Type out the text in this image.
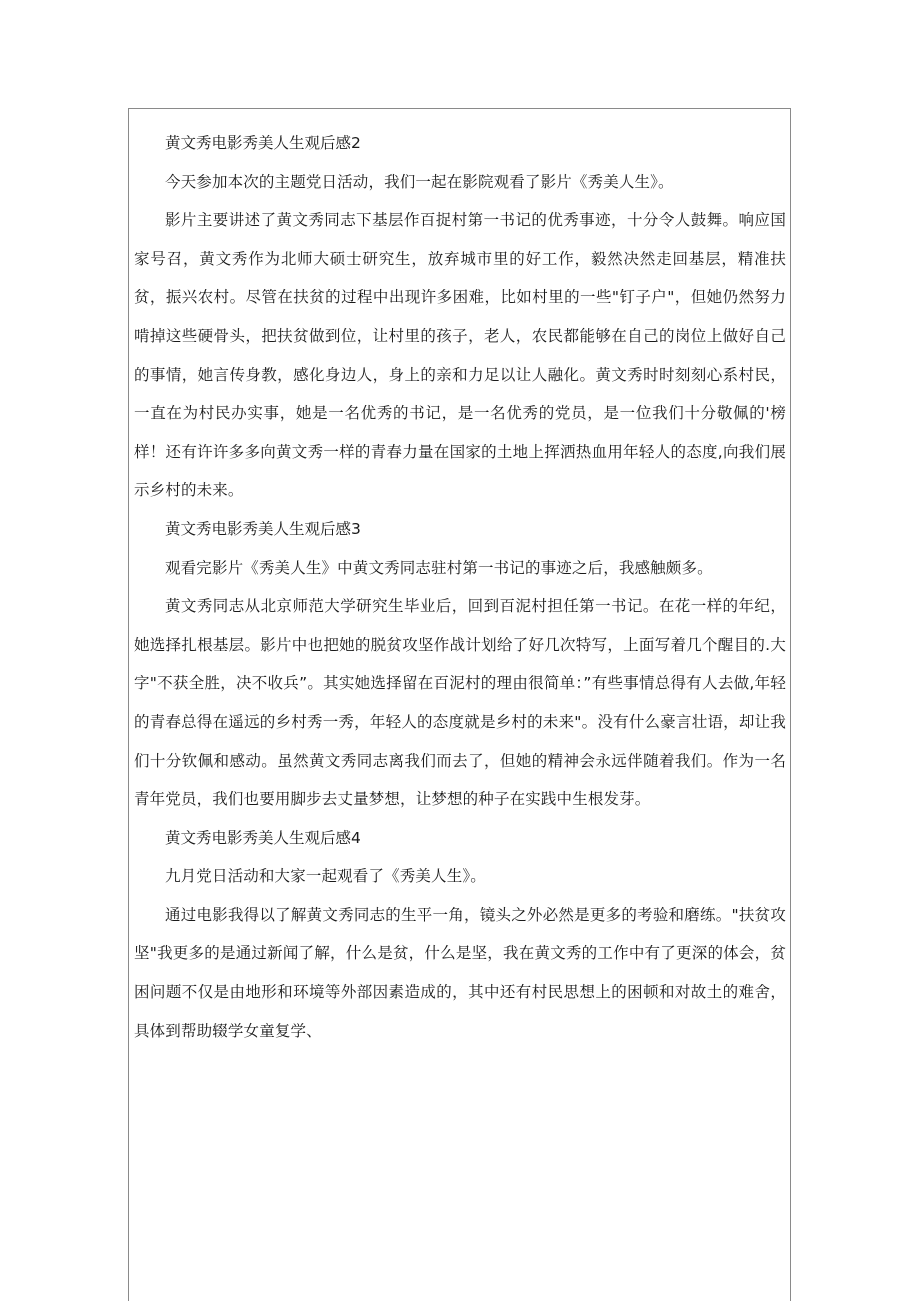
黄文秀电影秀美人生观后感2

今天参加本次的主题党日活动，我们一起在影院观看了影片《秀美人生》。

影片主要讲述了黄文秀同志下基层作百捉村第一书记的优秀事迹，十分令人鼓舞。响应国家号召，黄文秀作为北师大硕士研究生，放弃城市里的好工作，毅然决然走回基层，精准扶贫，振兴农村。尽管在扶贫的过程中出现许多困难，比如村里的一些"钉子户"，但她仍然努力啃掉这些硬骨头，把扶贫做到位，让村里的孩子，老人，农民都能够在自己的岗位上做好自己的事情，她言传身教，感化身边人，身上的亲和力足以让人融化。黄文秀时时刻刻心系村民，一直在为村民办实事，她是一名优秀的书记，是一名优秀的党员，是一位我们十分敬佩的'榜样！还有许许多多向黄文秀一样的青春力量在国家的土地上挥洒热血用年轻人的态度,向我们展示乡村的未来。

黄文秀电影秀美人生观后感3

观看完影片《秀美人生》中黄文秀同志驻村第一书记的事迹之后，我感触颇多。

黄文秀同志从北京师范大学研究生毕业后，回到百泥村担任第一书记。在花一样的年纪，她选择扎根基层。影片中也把她的脱贫攻坚作战计划给了好几次特写，上面写着几个醒目的.大字"不获全胜，决不收兵”。其实她选择留在百泥村的理由很简单：”有些事情总得有人去做,年轻的青春总得在遥远的乡村秀一秀，年轻人的态度就是乡村的未来"。没有什么豪言壮语，却让我们十分钦佩和感动。虽然黄文秀同志离我们而去了，但她的精神会永远伴随着我们。作为一名青年党员，我们也要用脚步去丈量梦想，让梦想的种子在实践中生根发芽。

黄文秀电影秀美人生观后感4

九月党日活动和大家一起观看了《秀美人生》。

通过电影我得以了解黄文秀同志的生平一角，镜头之外必然是更多的考验和磨练。"扶贫攻坚"我更多的是通过新闻了解，什么是贫，什么是坚，我在黄文秀的工作中有了更深的体会，贫困问题不仅是由地形和环境等外部因素造成的，其中还有村民思想上的困顿和对故土的难舍，具体到帮助辍学女童复学、
